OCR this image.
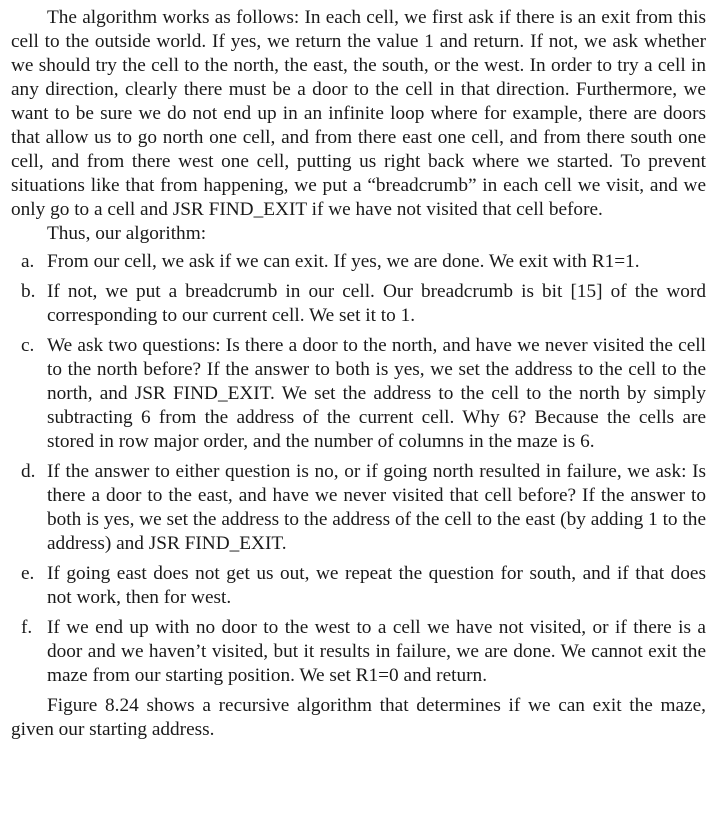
The algorithm works as follows: In each cell, we first ask if there is an exit from this cell to the outside world. If yes, we return the value 1 and return. If not, we ask whether we should try the cell to the north, the east, the south, or the west. In order to try a cell in any direction, clearly there must be a door to the cell in that direction. Furthermore, we want to be sure we do not end up in an infinite loop where for example, there are doors that allow us to go north one cell, and from there east one cell, and from there south one cell, and from there west one cell, putting us right back where we started. To prevent situations like that from happening, we put a “breadcrumb” in each cell we visit, and we only go to a cell and JSR FIND_EXIT if we have not visited that cell before.

Thus, our algorithm:

a. From our cell, we ask if we can exit. If yes, we are done. We exit with R1=1.
b. If not, we put a breadcrumb in our cell. Our breadcrumb is bit [15] of the word corresponding to our current cell. We set it to 1.
c. We ask two questions: Is there a door to the north, and have we never visited the cell to the north before? If the answer to both is yes, we set the address to the cell to the north, and JSR FIND_EXIT. We set the address to the cell to the north by simply subtracting 6 from the address of the current cell. Why 6? Because the cells are stored in row major order, and the number of columns in the maze is 6.
d. If the answer to either question is no, or if going north resulted in failure, we ask: Is there a door to the east, and have we never visited that cell before? If the answer to both is yes, we set the address to the address of the cell to the east (by adding 1 to the address) and JSR FIND_EXIT.
e. If going east does not get us out, we repeat the question for south, and if that does not work, then for west.
f. If we end up with no door to the west to a cell we have not visited, or if there is a door and we haven’t visited, but it results in failure, we are done. We cannot exit the maze from our starting position. We set R1=0 and return.

Figure 8.24 shows a recursive algorithm that determines if we can exit the maze, given our starting address.
